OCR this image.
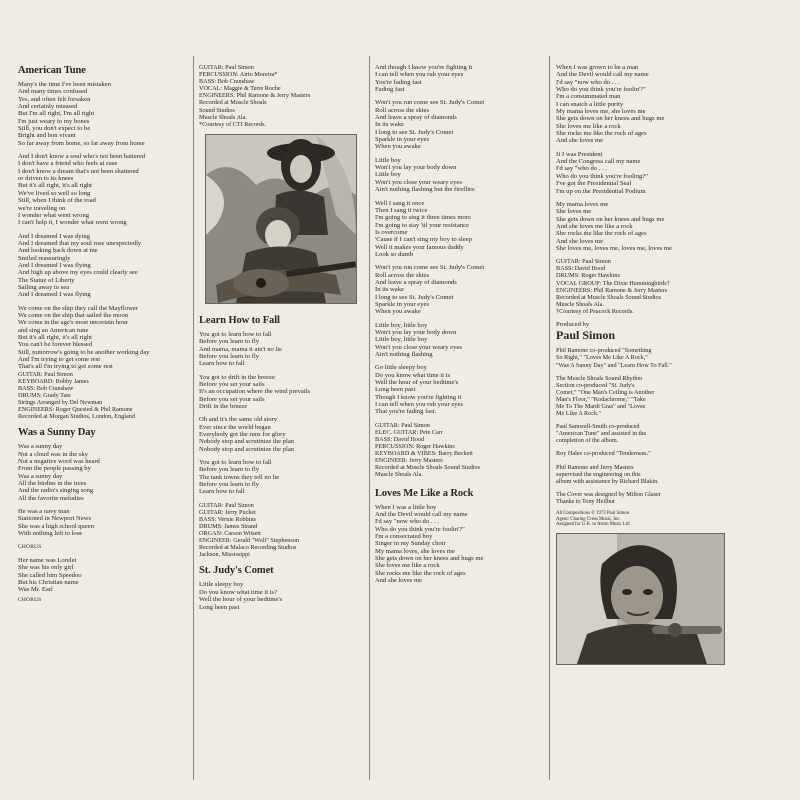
American Tune
Many's the time I've been mistaken
And many times confused
Yes, and often felt forsaken
And certainly misused
But I'm all right, I'm all right
I'm just weary to my bones
Still, you don't expect to be
Bright and bon vivant
So far away from home, so far away from home
And I don't know a soul who's not been battered
I don't have a friend who feels at ease
I don't know a dream that's not been shattered
or driven to its knees
But it's all right, it's all right
We've lived so well so long
Still, when I think of the road
we're traveling on
I wonder what went wrong
I can't help it, I wonder what went wrong
And I dreamed I was dying
And I dreamed that my soul rose unexpectedly
And looking back down at me
Smiled reassuringly
And I dreamed I was flying
And high up above my eyes could clearly see
The Statue of Liberty
Sailing away to sea
And I dreamed I was flying
We come on the ship they call the Mayflower
We come on the ship that sailed the moon
We come in the age's most uncertain hour
and sing an American tune
But it's all right, it's all right
You can't be forever blessed
Still, tomorrow's going to be another working day
And I'm trying to get some rest
That's all I'm trying to get some rest
GUITAR: Paul Simon
KEYBOARD: Bobby James
BASS: Bob Cranshaw
DRUMS: Grady Tate
Strings Arranged by Del Newman
ENGINEERS: Roger Quested & Phil Ramone
Recorded at Morgan Studios, London, England
Was a Sunny Day
Was a sunny day
Not a cloud was in the sky
Not a negative word was heard
From the people passing by
Was a sunny day
All the birdies in the trees
And the radio's singing song
All the favorite melodies
He was a navy man
Stationed in Newport News
She was a high school queen
With nothing left to lose
CHORUS
Her name was Lorelei
She was his only girl
She called him Speedoo
But his Christian name
Was Mr. Earl
CHORUS
GUITAR: Paul Simon
PERCUSSION: Airto Moreira*
BASS: Bob Cranshaw
VOCAL: Maggie & Terre Roche
ENGINEERS: Phil Ramone & Jerry Masters
Recorded at Muscle Shoals
Sound Studios
Muscle Shoals Ala.
*Courtesy of CTI Records.
Learn How to Fall
You got to learn how to fall
Before you learn to fly
And mama, mama it ain't no lie
Before you learn to fly
Learn how to fall
You got to drift in the breeze
Before you set your sails
It's an occupation where the wind prevails
Before you set your sails
Drift in the breeze
Oh and it's the same old story
Ever since the world began
Everybody got the runs for glory
Nobody stop and scrutinize the plan
Nobody stop and scrutinize the plan
You got to learn how to fall
Before you learn to fly
The tank towns they tell no lie
Before you learn to fly
Learn how to fall
GUITAR: Paul Simon
GUITAR: Jerry Pucket
BASS: Vernie Robbins
DRUMS: James Strand
ORGAN: Carson Witsett
ENGINEER: Gerald "Wolf" Stephenson
Recorded at Malaco Recording Studios
Jackson, Mississippi
St. Judy's Comet
Little sleepy boy
Do you know what time it is?
Well the hour of your bedtime's
Long been past
And though I know you're fighting it
I can tell when you rub your eyes
You're fading fast
Fading fast
Won't you run come see St. Judy's Comet
Roll across the skies
And leave a spray of diamonds
In its wake
I long to see St. Judy's Comet
Sparkle in your eyes
When you awake
Little boy
Won't you lay your body down
Little boy
Won't you close your weary eyes
Ain't nothing flashing but the fireflies
Well I sang it once
Then I sang it twice
I'm going to sing it three times more
I'm going to stay 'til your resistance
Is overcome
'Cause if I can't sing my boy to sleep
Well it makes your famous daddy
Look so dumb
Won't you run come see St. Judy's Comet
Roll across the skies
And leave a spray of diamonds
In its wake
I long to see St. Judy's Comet
Sparkle in your eyes
When you awake
Little boy, little boy
Won't you lay your body down
Little boy, little boy
Won't you close your weary eyes
Ain't nothing flashing
Go little sleepy boy
Do you know what time it is
Well the hour of your bedtime's
Long been past
Though I know you're fighting it
I can tell when you rub your eyes
That you're fading fast.
GUITAR: Paul Simon
ELEC. GUITAR: Pete Carr
BASS: David Hood
PERCUSSION: Roger Hawkins
KEYBOARD & VIBES: Barry Beckett
ENGINEER: Jerry Masters
Recorded at Muscle Shoals Sound Studios
Muscle Shoals Ala.
Loves Me Like a Rock
When I was a little boy
And the Devil would call my name
I'd say "now who do . . .
Who do you think you're foolin'?"
I'm a consecrated boy
Singer in my Sunday choir
My mama loves, she loves me
She gets down on her knees and hugs me
She loves me like a rock
She rocks me like the rock of ages
And she loves me
When I was grown to be a man
And the Devil would call my name
I'd say "now who do . . .
Who do you think you're foolin'?"
I'm a consummated man
I can snatch a little purity
My mama loves me, she loves me
She gets down on her knees and hugs me
She loves me like a rock
She rocks me like the rock of ages
And she loves me
If I was President
And the Congress call my name
I'd say "who do . . .
Who do you think you're fooling?"
I've got the Presidential Seal
I'm up on the Presidential Podium
My mama loves me
She loves me
She gets down on her knees and hugs me
And she loves me like a rock
She rocks me like the rock of ages
And she loves me
She loves me, loves me, loves me, loves me
GUITAR: Paul Simon
BASS: David Hood
DRUMS: Roger Hawkins
VOCAL GROUP: The Dixie Hummingbirds†
ENGINEERS: Phil Ramone & Jerry Masters
Recorded at Muscle Shoals Sound Studios
Muscle Shoals Ala.
†Courtesy of Peacock Records.
Produced by
Paul Simon
Phil Ramone co-produced "Something
So Right," "Loves Me Like A Rock,"
"Was A Sunny Day" and "Learn How To Fall."
The Muscle Shoals Sound Rhythm
Section co-produced "St. Judy's
Comet," "One Man's Ceiling is Another
Man's Floor," "Kodachrome," "Take
Me To The Mardi Gras" and "Loves
Me Like A Rock."
Paul Samwell-Smith co-produced
"American Tune" and assisted in the
completion of the album.
Roy Halee co-produced "Tenderness."
Phil Ramone and Jerry Masters
supervised the engineering on this
album with assistance by Richard Blakin.
The Cover was designed by Milton Glaser
Thanks to Tony Heilbut
All Compositions © 1973 Paul Simon
Agent: Charing Cross Music, Inc.
Assigned for U.K. to Aston Music Ltd
